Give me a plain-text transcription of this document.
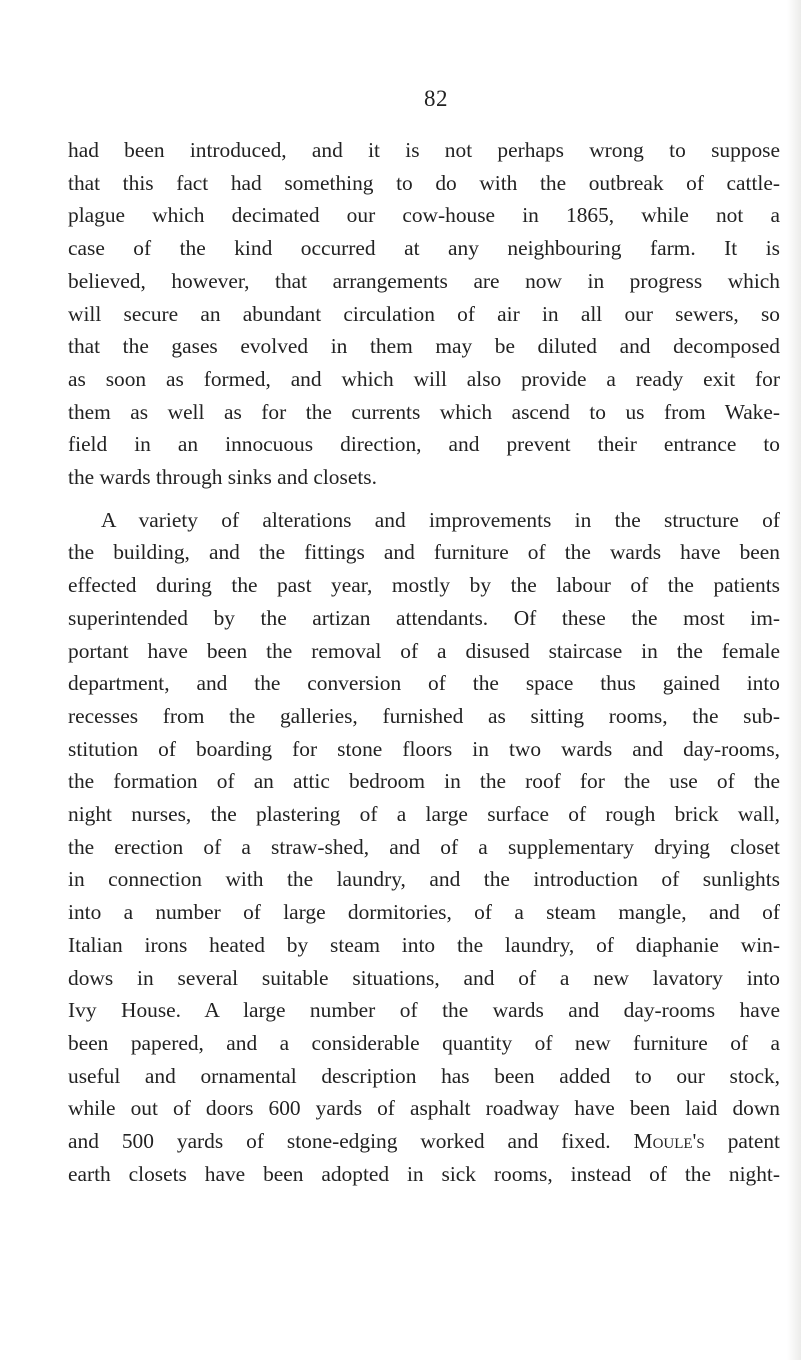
82

had been introduced, and it is not perhaps wrong to suppose
that this fact had something to do with the outbreak of cattle-
plague which decimated our cow-house in 1865, while not a
case of the kind occurred at any neighbouring farm. It is
believed, however, that arrangements are now in progress which
will secure an abundant circulation of air in all our sewers, so
that the gases evolved in them may be diluted and decomposed
as soon as formed, and which will also provide a ready exit for
them as well as for the currents which ascend to us from Wake-
field in an innocuous direction, and prevent their entrance to
the wards through sinks and closets.

A variety of alterations and improvements in the structure of
the building, and the fittings and furniture of the wards have been
effected during the past year, mostly by the labour of the patients
superintended by the artizan attendants. Of these the most im-
portant have been the removal of a disused staircase in the female
department, and the conversion of the space thus gained into
recesses from the galleries, furnished as sitting rooms, the sub-
stitution of boarding for stone floors in two wards and day-rooms,
the formation of an attic bedroom in the roof for the use of the
night nurses, the plastering of a large surface of rough brick wall,
the erection of a straw-shed, and of a supplementary drying closet
in connection with the laundry, and the introduction of sunlights
into a number of large dormitories, of a steam mangle, and of
Italian irons heated by steam into the laundry, of diaphanie win-
dows in several suitable situations, and of a new lavatory into
Ivy House. A large number of the wards and day-rooms have
been papered, and a considerable quantity of new furniture of a
useful and ornamental description has been added to our stock,
while out of doors 600 yards of asphalt roadway have been laid down
and 500 yards of stone-edging worked and fixed. Moule's patent
earth closets have been adopted in sick rooms, instead of the night-
